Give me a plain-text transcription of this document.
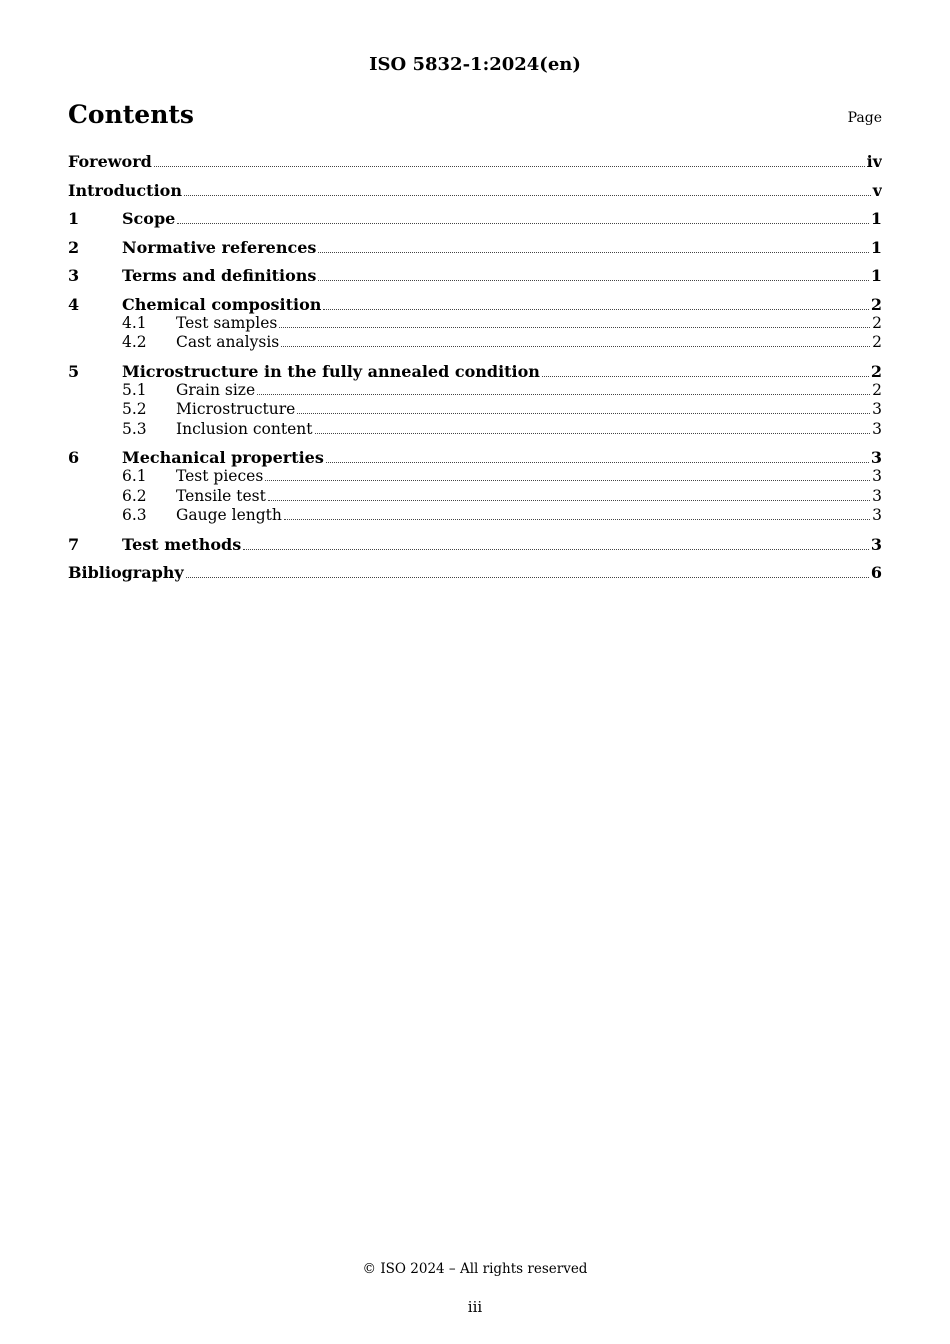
ISO 5832-1:2024(en)
Contents	Page
Foreword	iv
Introduction	v
1	Scope	1
2	Normative references	1
3	Terms and definitions	1
4	Chemical composition	2
4.1	Test samples	2
4.2	Cast analysis	2
5	Microstructure in the fully annealed condition	2
5.1	Grain size	2
5.2	Microstructure	3
5.3	Inclusion content	3
6	Mechanical properties	3
6.1	Test pieces	3
6.2	Tensile test	3
6.3	Gauge length	3
7	Test methods	3
Bibliography	6
© ISO 2024 – All rights reserved
iii
